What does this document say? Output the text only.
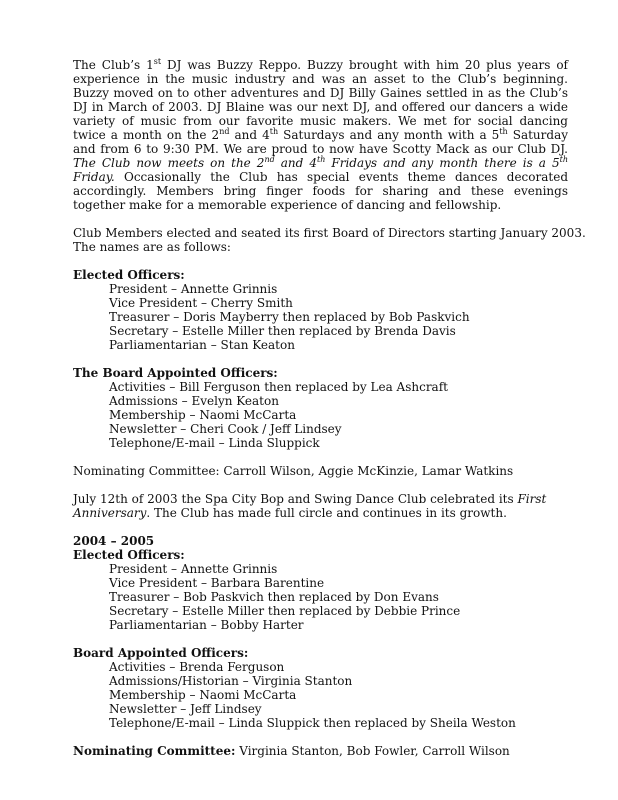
The Club’s 1st DJ was Buzzy Reppo. Buzzy brought with him 20 plus years of experience in the music industry and was an asset to the Club’s beginning. Buzzy moved on to other adventures and DJ Billy Gaines settled in as the Club’s DJ in March of 2003. DJ Blaine was our next DJ, and offered our dancers a wide variety of music from our favorite music makers. We met for social dancing twice a month on the 2nd and 4th Saturdays and any month with a 5th Saturday and from 6 to 9:30 PM. We are proud to now have Scotty Mack as our Club DJ. The Club now meets on the 2nd and 4th Fridays and any month there is a 5th Friday. Occasionally the Club has special events theme dances decorated accordingly. Members bring finger foods for sharing and these evenings together make for a memorable experience of dancing and fellowship.

Club Members elected and seated its first Board of Directors starting January 2003.

The names are as follows:

Elected Officers:

President – Annette Grinnis

Vice President – Cherry Smith

Treasurer – Doris Mayberry then replaced by Bob Paskvich

Secretary – Estelle Miller then replaced by Brenda Davis

Parliamentarian – Stan Keaton

The Board Appointed Officers:

Activities – Bill Ferguson then replaced by Lea Ashcraft

Admissions – Evelyn Keaton

Membership – Naomi McCarta

Newsletter – Cheri Cook / Jeff Lindsey

Telephone/E-mail – Linda Sluppick

Nominating Committee: Carroll Wilson, Aggie McKinzie, Lamar Watkins

July 12th of 2003 the Spa City Bop and Swing Dance Club celebrated its First
Anniversary. The Club has made full circle and continues in its growth.

2004 – 2005

Elected Officers:

President – Annette Grinnis

Vice President – Barbara Barentine

Treasurer – Bob Paskvich then replaced by Don Evans

Secretary – Estelle Miller then replaced by Debbie Prince

Parliamentarian – Bobby Harter

Board Appointed Officers:

Activities – Brenda Ferguson

Admissions/Historian – Virginia Stanton

Membership – Naomi McCarta

Newsletter – Jeff Lindsey

Telephone/E-mail – Linda Sluppick then replaced by Sheila Weston

Nominating Committee: Virginia Stanton, Bob Fowler, Carroll Wilson
